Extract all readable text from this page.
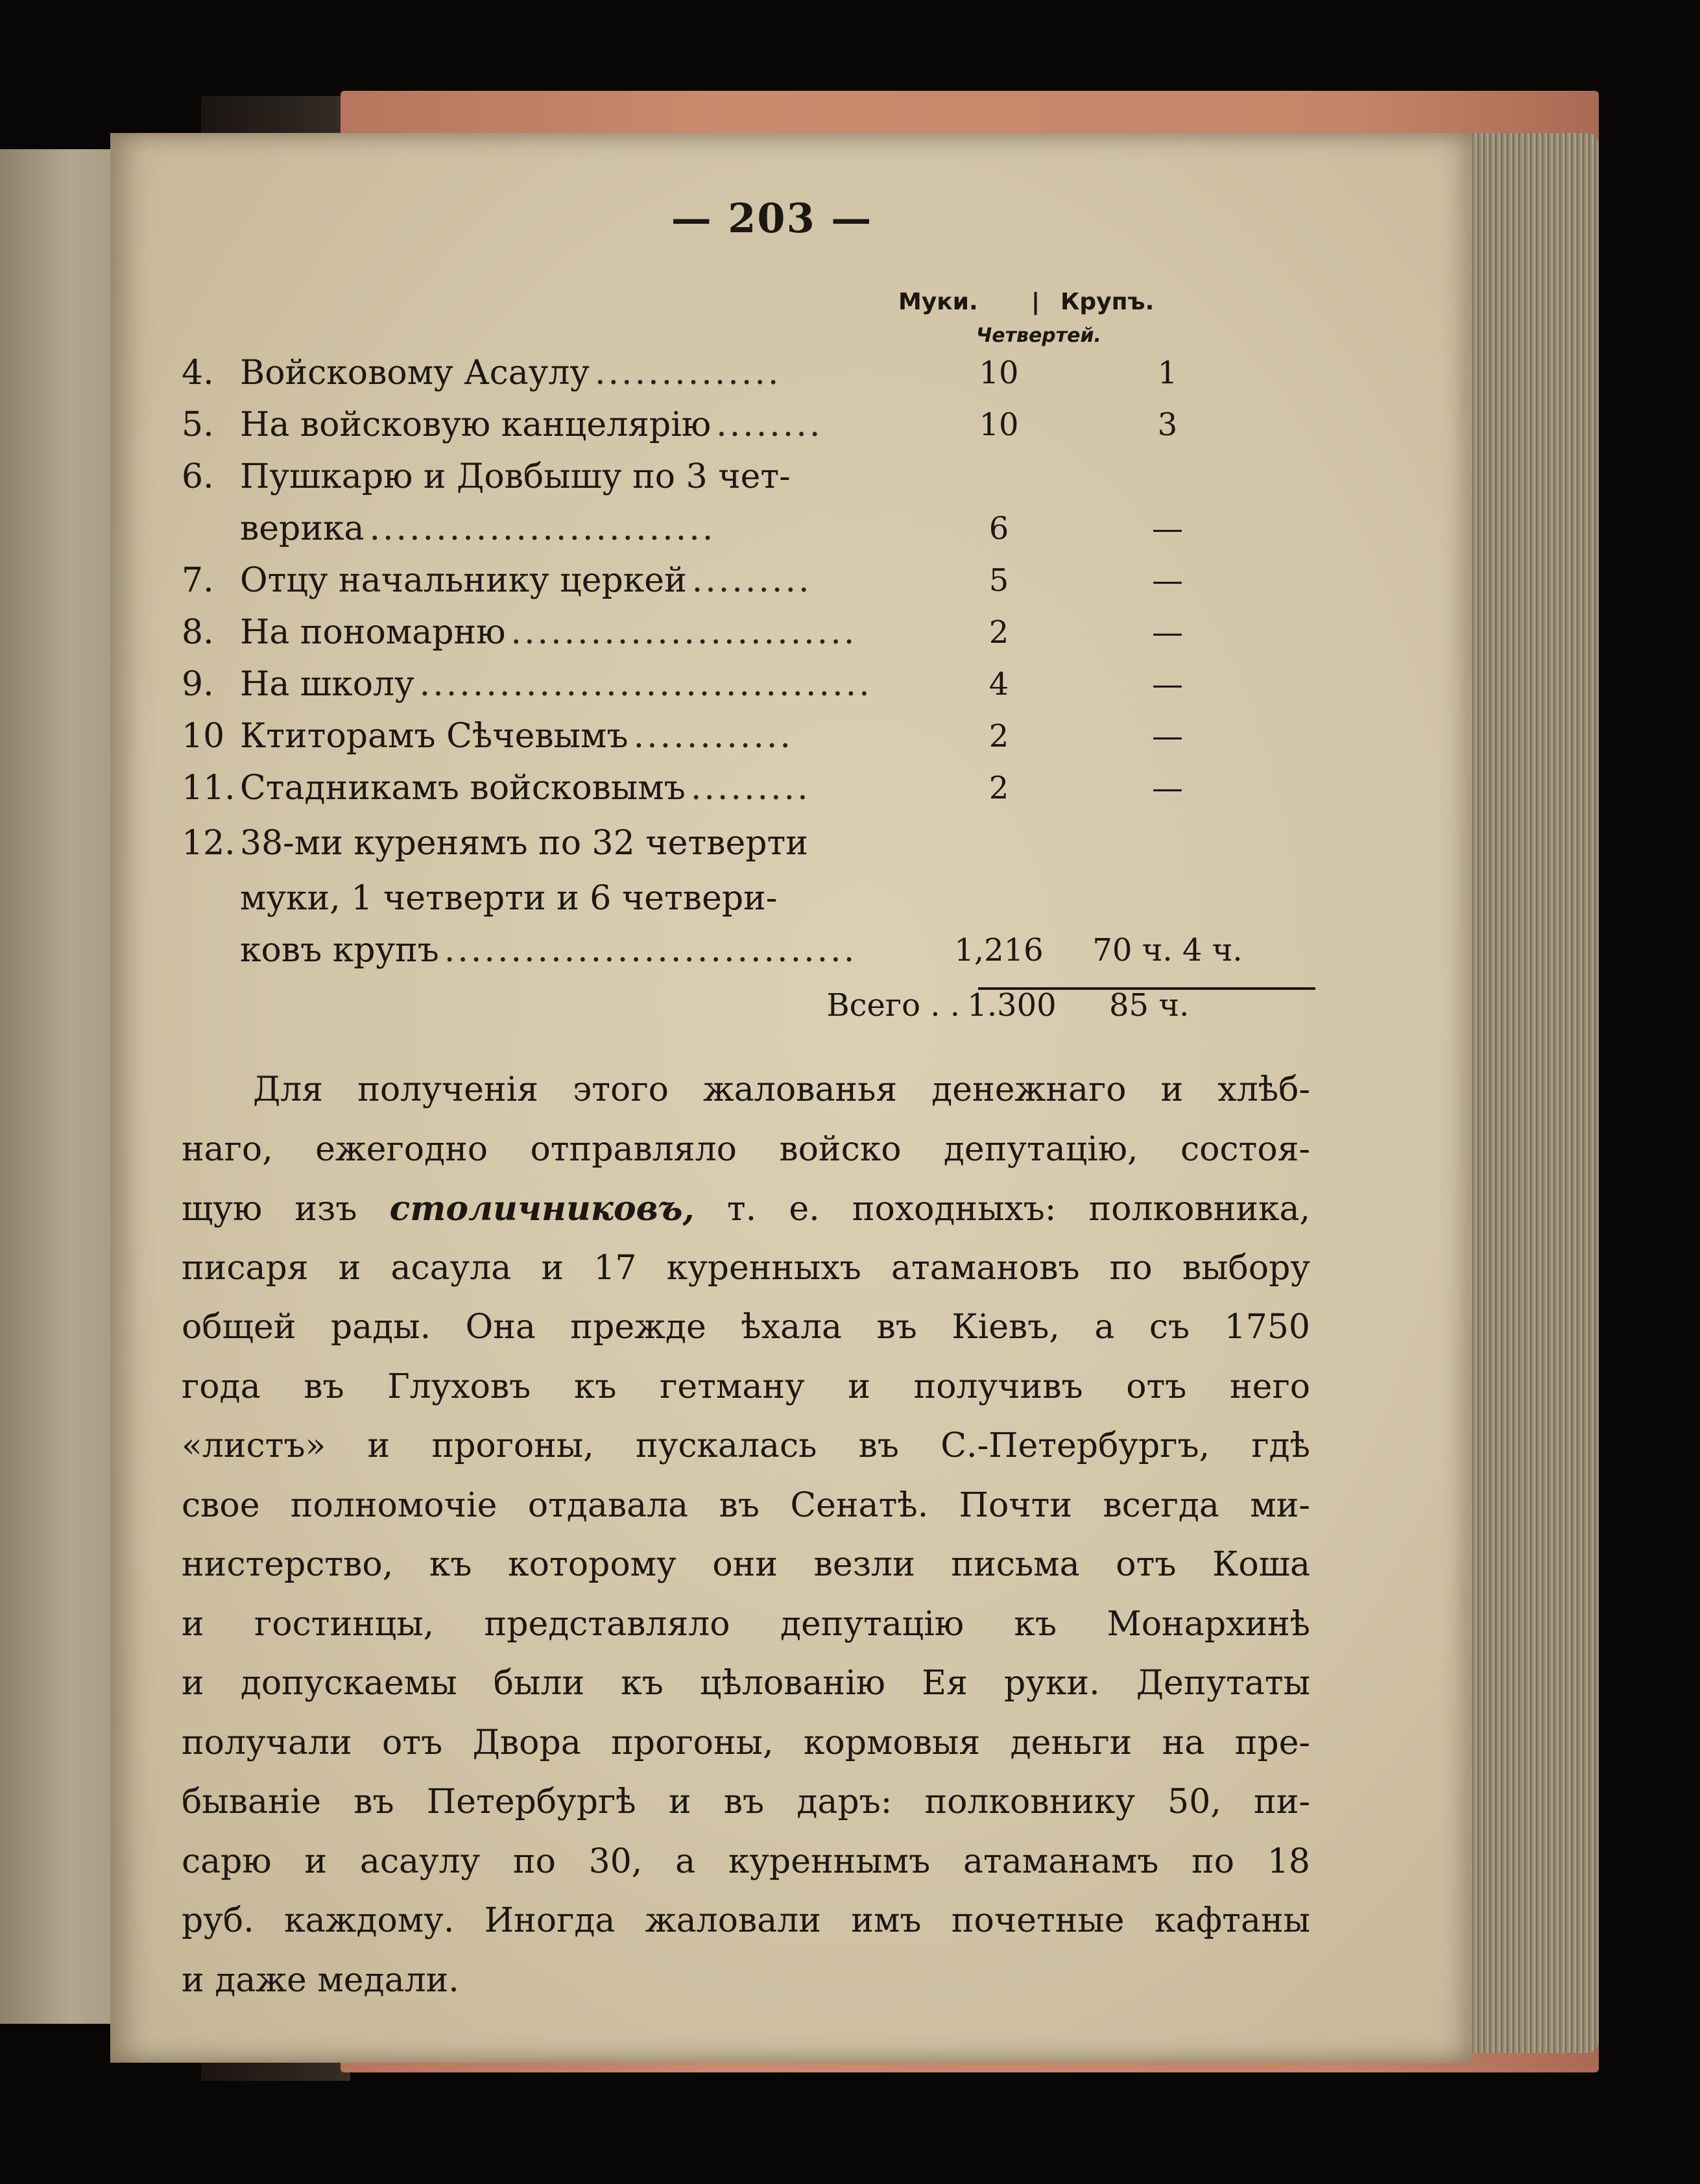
— 203 —
Муки. | Крупъ.
Четвертей.
4. Войсковому Асаулу ..............	10	1
5. На войсковую канцелярію ........	10	3
6. Пушкарю и Довбышу по 3 чет-
верика ..........................	6	—
7. Отцу начальнику церкей .........	5	—
8. На пономарню ..........................	2	—
9. На школу ..................................	4	—
10 Ктиторамъ Сѣчевымъ ............	2	—
11. Стадникамъ войсковымъ .........	2	—
12. 38-ми куренямъ по 32 четверти
муки, 1 четверти и 6 четвери-
ковъ крупъ ...............................	1,216	70 ч. 4 ч.
Всего . . 1.300	85 ч.
Для полученія этого жалованья денежнаго и хлѣб-
наго, ежегодно отправляло войско депутацію, состоя-
щую изъ столичниковъ, т. е. походныхъ: полковника,
писаря и асаула и 17 куренныхъ атамановъ по выбору
общей рады. Она прежде ѣхала въ Кіевъ, а съ 1750
года въ Глуховъ къ гетману и получивъ отъ него
«листъ» и прогоны, пускалась въ С.-Петербургъ, гдѣ
свое полномочіе отдавала въ Сенатѣ. Почти всегда ми-
нистерство, къ которому они везли письма отъ Коша
и гостинцы, представляло депутацію къ Монархинѣ
и допускаемы были къ цѣлованію Ея руки. Депутаты
получали отъ Двора прогоны, кормовыя деньги на пре-
бываніе въ Петербургѣ и въ даръ: полковнику 50, пи-
сарю и асаулу по 30, а куреннымъ атаманамъ по 18
руб. каждому. Иногда жаловали имъ почетные кафтаны
и даже медали.
